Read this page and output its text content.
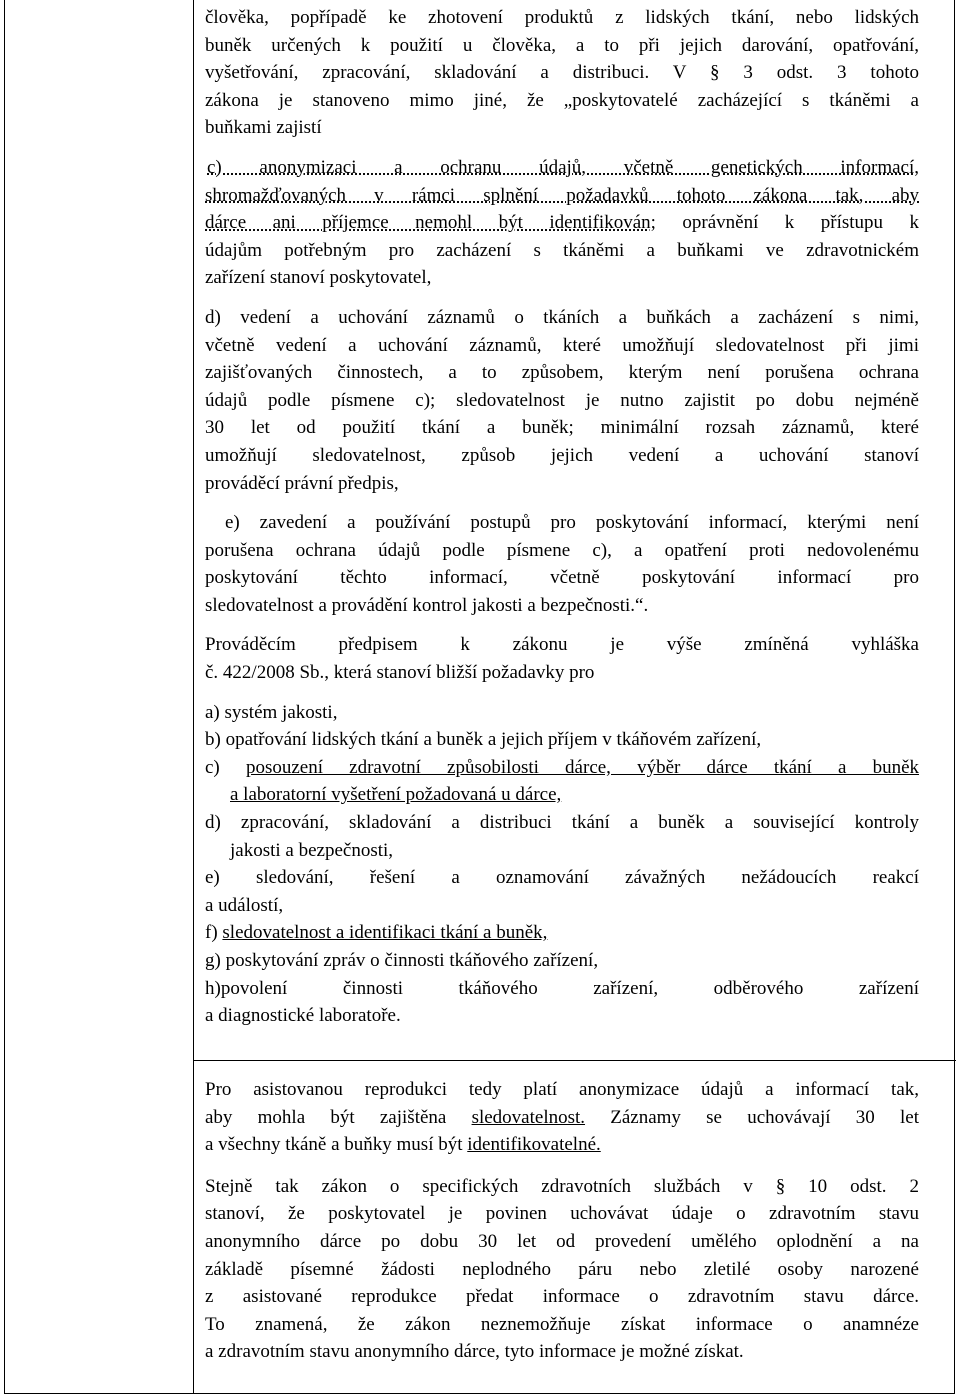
člověka, popřípadě ke zhotovení produktů z lidských tkání, nebo lidských
buněk určených k použití u člověka, a to při jejich darování, opatřování,
vyšetřování, zpracování, skladování a distribuci. V § 3 odst. 3 tohoto
zákona je stanoveno mimo jiné, že „poskytovatelé zacházející s tkáněmi a
buňkami zajistí
c) anonymizaci a ochranu údajů, včetně genetických informací,
shromažďovaných v rámci splnění požadavků tohoto zákona tak, aby
dárce ani příjemce nemohl být identifikován; oprávnění k přístupu k
údajům potřebným pro zacházení s tkáněmi a buňkami ve zdravotnickém
zařízení stanoví poskytovatel,
d) vedení a uchování záznamů o tkáních a buňkách a zacházení s nimi,
včetně vedení a uchování záznamů, které umožňují sledovatelnost při jimi
zajišťovaných činnostech, a to způsobem, kterým není porušena ochrana
údajů podle písmene c); sledovatelnost je nutno zajistit po dobu nejméně
30 let od použití tkání a buněk; minimální rozsah záznamů, které
umožňují sledovatelnost, způsob jejich vedení a uchování stanoví
prováděcí právní předpis,
e) zavedení a používání postupů pro poskytování informací, kterými není
porušena ochrana údajů podle písmene c), a opatření proti nedovolenému
poskytování těchto informací, včetně poskytování informací pro
sledovatelnost a provádění kontrol jakosti a bezpečnosti.“.
Prováděcím předpisem k zákonu je výše zmíněná vyhláška
č. 422/2008 Sb., která stanoví bližší požadavky pro
a) systém jakosti,
b) opatřování lidských tkání a buněk a jejich příjem v tkáňovém zařízení,
c) posouzení zdravotní způsobilosti dárce, výběr dárce tkání a buněk
a laboratorní vyšetření požadovaná u dárce,
d) zpracování, skladování a distribuci tkání a buněk a související kontroly
jakosti a bezpečnosti,
e) sledování, řešení a oznamování závažných nežádoucích reakcí
a událostí,
f) sledovatelnost a identifikaci tkání a buněk,
g) poskytování zpráv o činnosti tkáňového zařízení,
h)povolení činnosti tkáňového zařízení, odběrového zařízení
a diagnostické laboratoře.
Pro asistovanou reprodukci tedy platí anonymizace údajů a informací tak,
aby mohla být zajištěna sledovatelnost. Záznamy se uchovávají 30 let
a všechny tkáně a buňky musí být identifikovatelné.
Stejně tak zákon o specifických zdravotních službách v § 10 odst. 2
stanoví, že poskytovatel je povinen uchovávat údaje o zdravotním stavu
anonymního dárce po dobu 30 let od provedení umělého oplodnění a na
základě písemné žádosti neplodného páru nebo zletilé osoby narozené
z asistované reprodukce předat informace o zdravotním stavu dárce.
To znamená, že zákon neznemožňuje získat informace o anamnéze
a zdravotním stavu anonymního dárce, tyto informace je možné získat.
